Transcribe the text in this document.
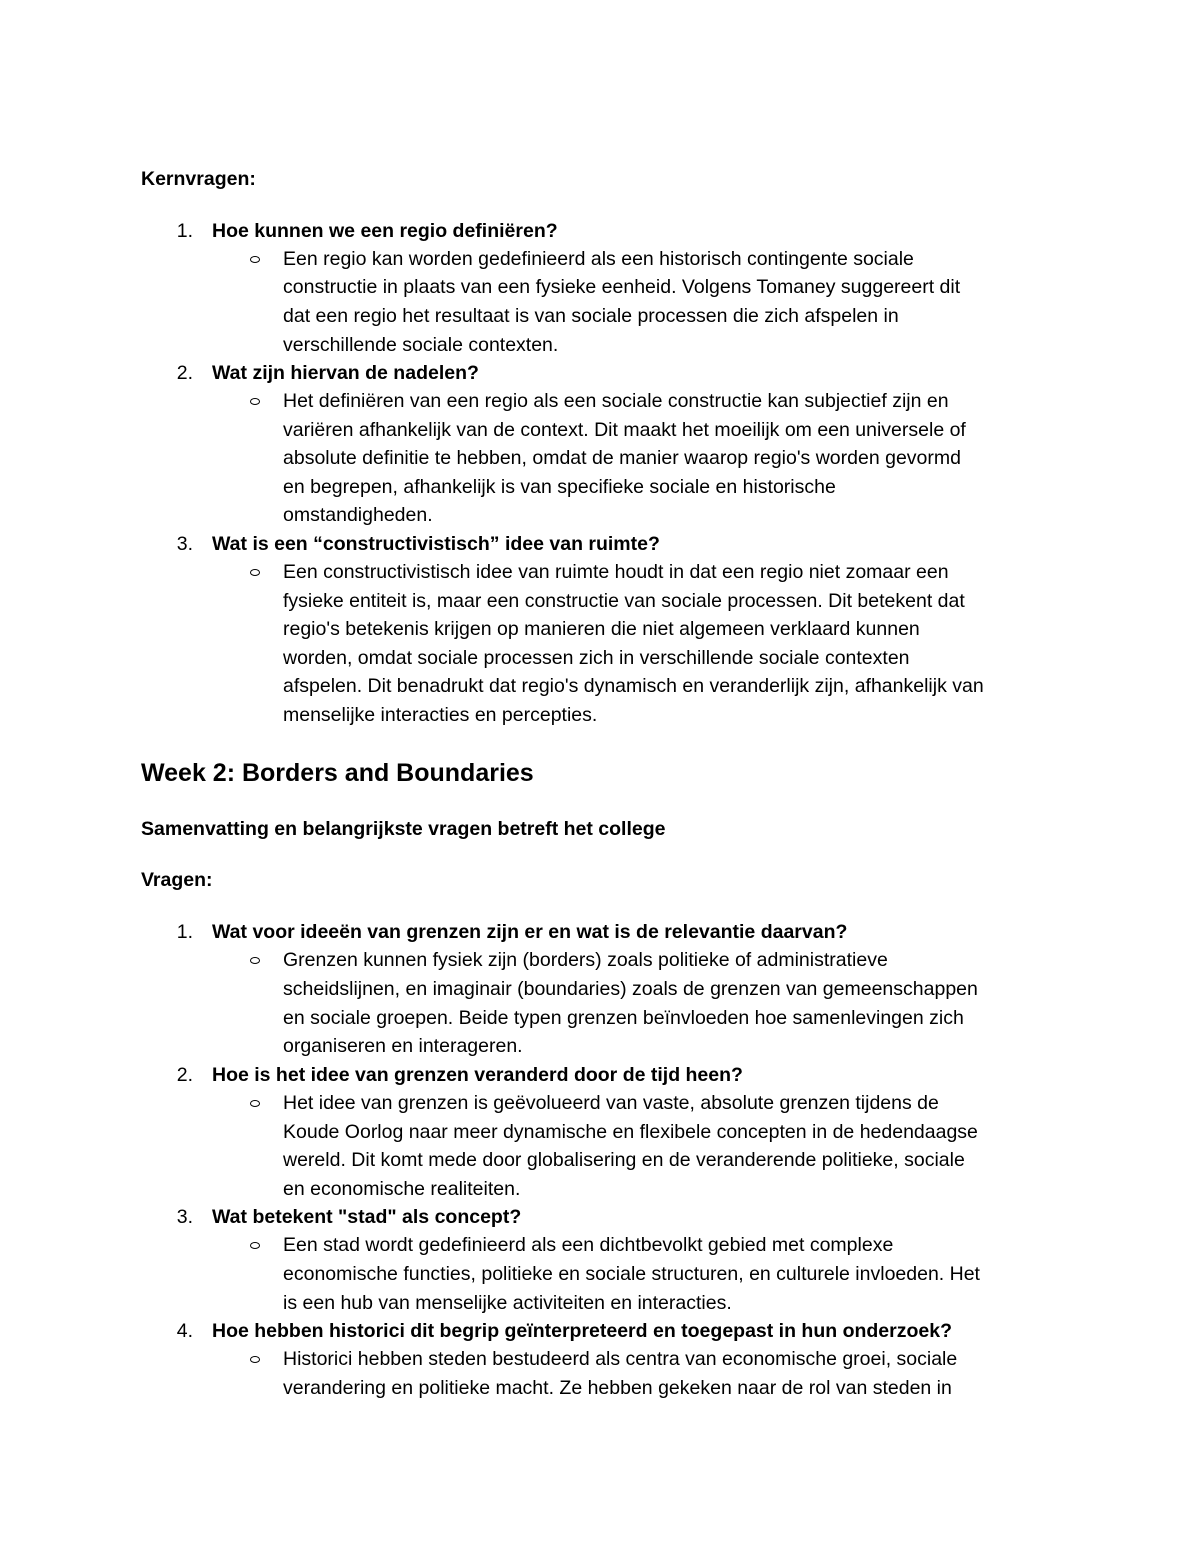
Kernvragen:
1. Hoe kunnen we een regio definiëren?
Een regio kan worden gedefinieerd als een historisch contingente sociale
constructie in plaats van een fysieke eenheid. Volgens Tomaney suggereert dit
dat een regio het resultaat is van sociale processen die zich afspelen in
verschillende sociale contexten.
2. Wat zijn hiervan de nadelen?
Het definiëren van een regio als een sociale constructie kan subjectief zijn en
variëren afhankelijk van de context. Dit maakt het moeilijk om een universele of
absolute definitie te hebben, omdat de manier waarop regio's worden gevormd
en begrepen, afhankelijk is van specifieke sociale en historische
omstandigheden.
3. Wat is een “constructivistisch” idee van ruimte?
Een constructivistisch idee van ruimte houdt in dat een regio niet zomaar een
fysieke entiteit is, maar een constructie van sociale processen. Dit betekent dat
regio's betekenis krijgen op manieren die niet algemeen verklaard kunnen
worden, omdat sociale processen zich in verschillende sociale contexten
afspelen. Dit benadrukt dat regio's dynamisch en veranderlijk zijn, afhankelijk van
menselijke interacties en percepties.
Week 2: Borders and Boundaries
Samenvatting en belangrijkste vragen betreft het college
Vragen:
1. Wat voor ideeën van grenzen zijn er en wat is de relevantie daarvan?
Grenzen kunnen fysiek zijn (borders) zoals politieke of administratieve
scheidslijnen, en imaginair (boundaries) zoals de grenzen van gemeenschappen
en sociale groepen. Beide typen grenzen beïnvloeden hoe samenlevingen zich
organiseren en interageren.
2. Hoe is het idee van grenzen veranderd door de tijd heen?
Het idee van grenzen is geëvolueerd van vaste, absolute grenzen tijdens de
Koude Oorlog naar meer dynamische en flexibele concepten in de hedendaagse
wereld. Dit komt mede door globalisering en de veranderende politieke, sociale
en economische realiteiten.
3. Wat betekent "stad" als concept?
Een stad wordt gedefinieerd als een dichtbevolkt gebied met complexe
economische functies, politieke en sociale structuren, en culturele invloeden. Het
is een hub van menselijke activiteiten en interacties.
4. Hoe hebben historici dit begrip geïnterpreteerd en toegepast in hun onderzoek?
Historici hebben steden bestudeerd als centra van economische groei, sociale
verandering en politieke macht. Ze hebben gekeken naar de rol van steden in
